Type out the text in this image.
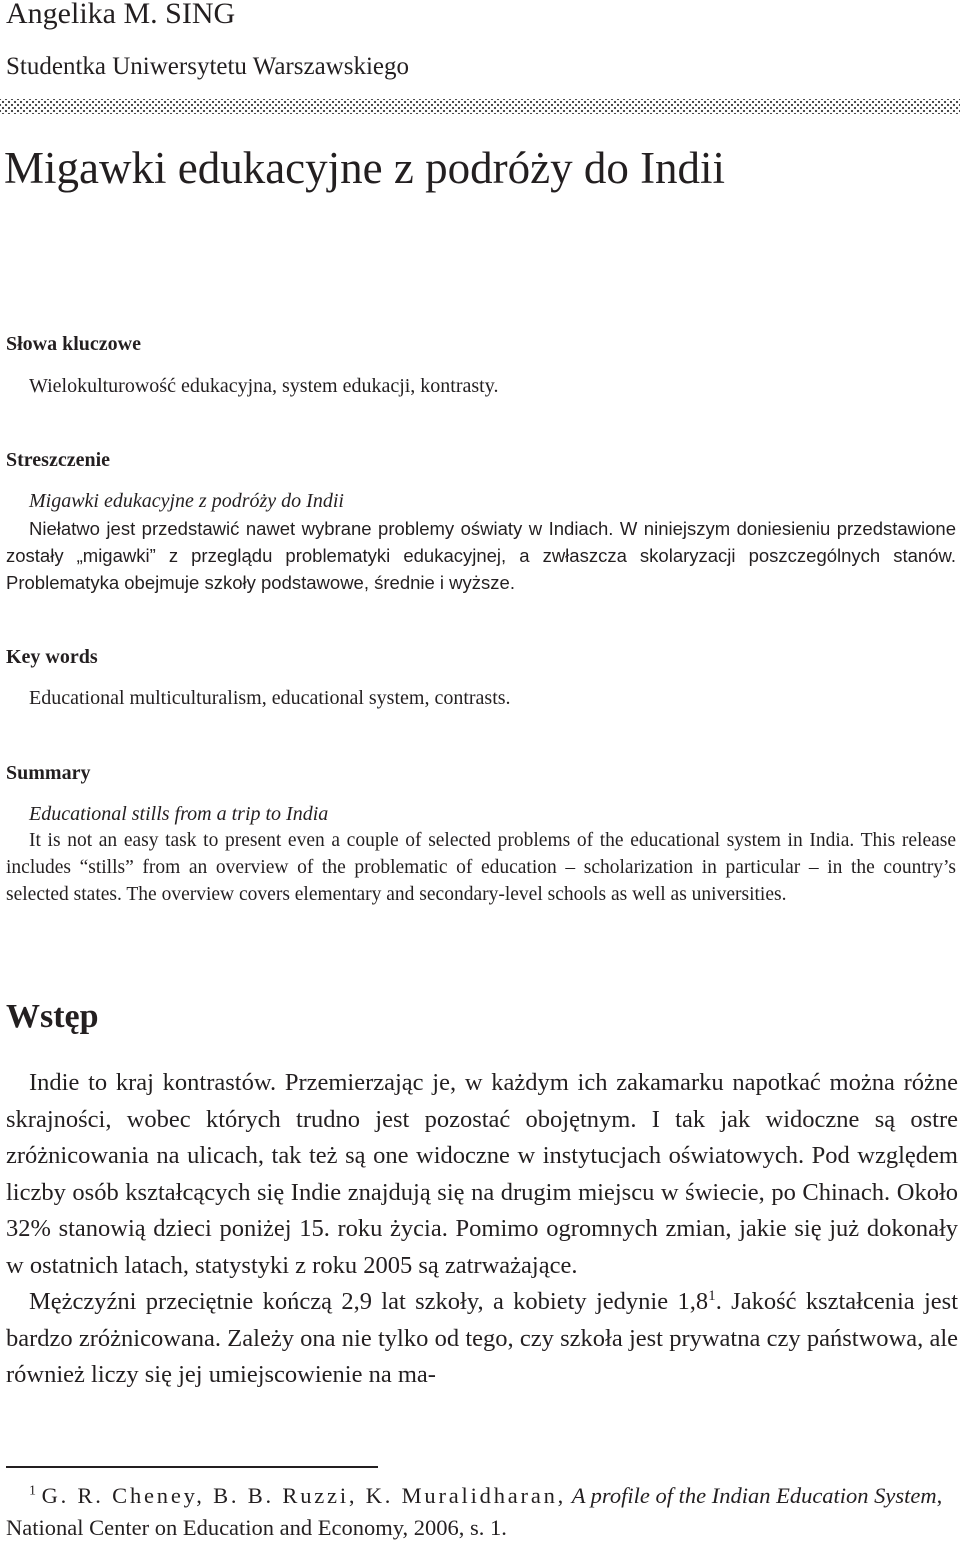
Angelika M. SING
Studentka Uniwersytetu Warszawskiego
Migawki edukacyjne z podróży do Indii
Słowa kluczowe
Wielokulturowość edukacyjna, system edukacji, kontrasty.
Streszczenie
Migawki edukacyjne z podróży do Indii

Niełatwo jest przedstawić nawet wybrane problemy oświaty w Indiach. W niniejszym doniesieniu przedstawione zostały „migawki” z przeglądu problematyki edukacyjnej, a zwłaszcza skolaryzacji poszczególnych stanów. Problematyka obejmuje szkoły podstawowe, średnie i wyższe.

Key words
Educational multiculturalism, educational system, contrasts.
Summary
Educational stills from a trip to India

It is not an easy task to present even a couple of selected problems of the educational system in India. This release includes “stills” from an overview of the problematic of education – scholarization in particular – in the country’s selected states. The overview covers elementary and secondary-level schools as well as universities.

Wstęp

Indie to kraj kontrastów. Przemierzając je, w każdym ich zakamarku napotkać można różne skrajności, wobec których trudno jest pozostać obojętnym. I tak jak widoczne są ostre zróżnicowania na ulicach, tak też są one widoczne w instytucjach oświatowych. Pod względem liczby osób kształcących się Indie znajdują się na drugim miejscu w świecie, po Chinach. Około 32% stanowią dzieci poniżej 15. roku życia. Pomimo ogromnych zmian, jakie się już dokonały w ostatnich latach, statystyki z roku 2005 są zatrważające.

Mężczyźni przeciętnie kończą 2,9 lat szkoły, a kobiety jedynie $1,8^1$. Jakość kształcenia jest bardzo zróżnicowana. Zależy ona nie tylko od tego, czy szkoła jest prywatna czy państwowa, ale również liczy się jej umiejscowienie na ma-

$^1$ G. R. Cheney, B. B. Ruzzi, K. Muralidharan, A profile of the Indian Education System, National Center on Education and Economy, 2006, s. 1.
